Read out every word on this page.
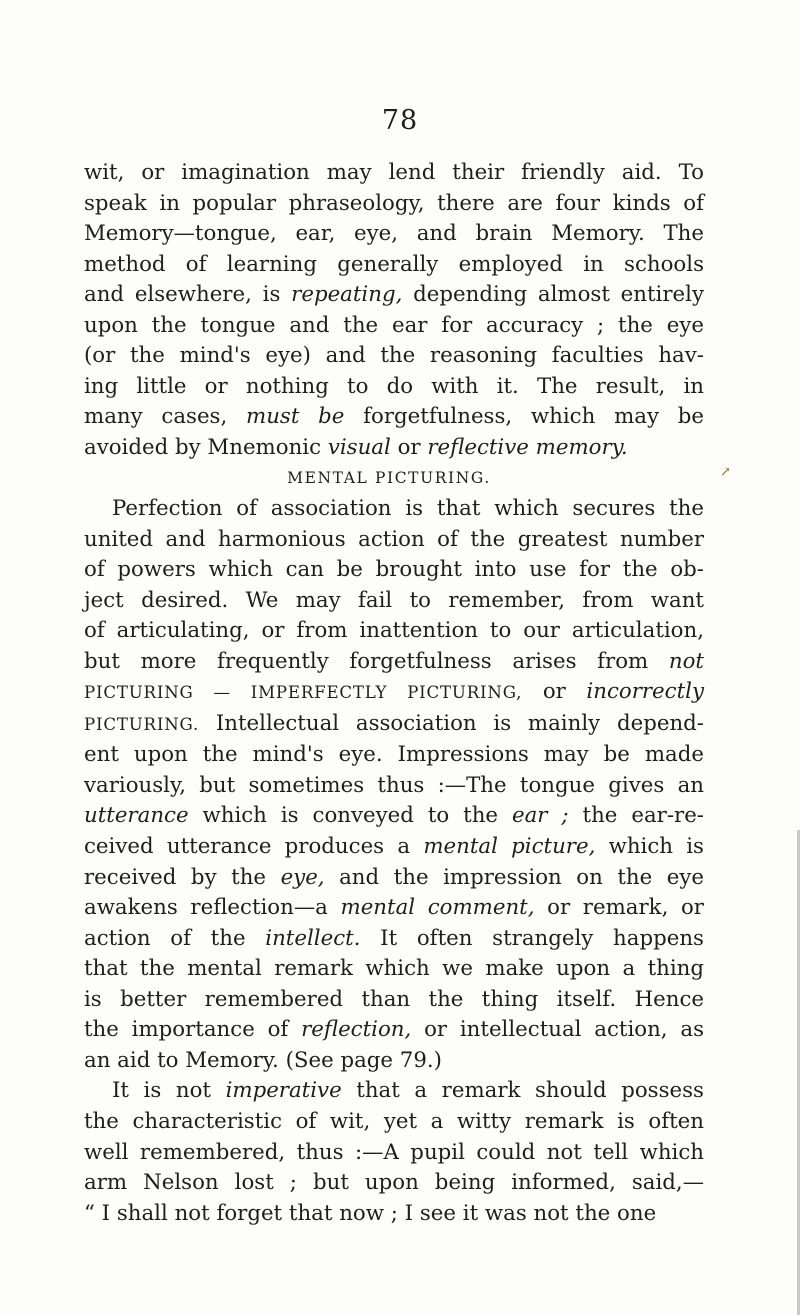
78
↗
wit, or imagination may lend their friendly aid. To
speak in popular phraseology, there are four kinds of
Memory—tongue, ear, eye, and brain Memory. The
method of learning generally employed in schools
and elsewhere, is repeating, depending almost entirely
upon the tongue and the ear for accuracy ; the eye
(or the mind's eye) and the reasoning faculties hav-
ing little or nothing to do with it. The result, in
many cases, must be forgetfulness, which may be
avoided by Mnemonic visual or reflective memory.
MENTAL PICTURING.
Perfection of association is that which secures the
united and harmonious action of the greatest number
of powers which can be brought into use for the ob-
ject desired. We may fail to remember, from want
of articulating, or from inattention to our articulation,
but more frequently forgetfulness arises from not
PICTURING — IMPERFECTLY PICTURING, or incorrectly
PICTURING. Intellectual association is mainly depend-
ent upon the mind's eye. Impressions may be made
variously, but sometimes thus :—The tongue gives an
utterance which is conveyed to the ear ; the ear-re-
ceived utterance produces a mental picture, which is
received by the eye, and the impression on the eye
awakens reflection—a mental comment, or remark, or
action of the intellect. It often strangely happens
that the mental remark which we make upon a thing
is better remembered than the thing itself. Hence
the importance of reflection, or intellectual action, as
an aid to Memory. (See page 79.)
It is not imperative that a remark should possess
the characteristic of wit, yet a witty remark is often
well remembered, thus :—A pupil could not tell which
arm Nelson lost ; but upon being informed, said,—
“ I shall not forget that now ; I see it was not the one
